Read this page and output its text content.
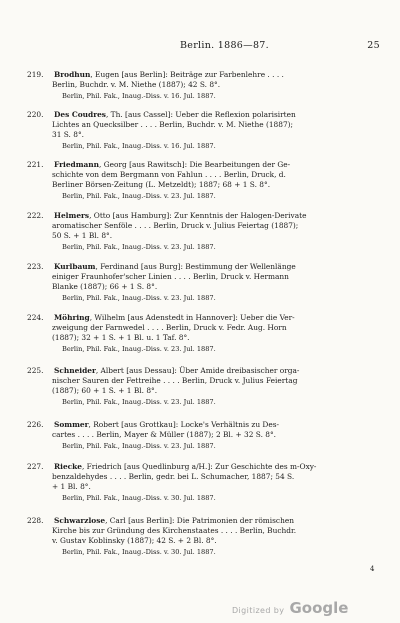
Berlin. 1886—87.	25
219. Brodhun, Eugen [aus Berlin]: Beiträge zur Farbenlehre . . . .
Berlin, Buchdr. v. M. Niethe (1887); 42 S. 8°.
Berlin, Phil. Fak., Inaug.-Diss. v. 16. Jul. 1887.
220. Des Coudres, Th. [aus Cassel]: Ueber die Reflexion polarisirten
Lichtes an Quecksilber . . . . Berlin, Buchdr. v. M. Niethe (1887);
31 S. 8°.
Berlin, Phil. Fak., Inaug.-Diss. v. 16. Jul. 1887.
221. Friedmann, Georg [aus Rawitsch]: Die Bearbeitungen der Ge-
schichte von dem Bergmann von Fahlun . . . . Berlin, Druck, d.
Berliner Börsen-Zeitung (L. Metzeldt); 1887; 68 + 1 S. 8°.
Berlin, Phil. Fak., Inaug.-Diss. v. 23. Jul. 1887.
222. Helmers, Otto [aus Hamburg]: Zur Kenntnis der Halogen-Derivate
aromatischer Senföle . . . . Berlin, Druck v. Julius Feiertag (1887);
50 S. + 1 Bl. 8°.
Berlin, Phil. Fak., Inaug.-Diss. v. 23. Jul. 1887.
223. Kurlbaum, Ferdinand [aus Burg]: Bestimmung der Wellenlänge
einiger Fraunhofer'scher Linien . . . . Berlin, Druck v. Hermann
Blanke (1887); 66 + 1 S. 8°.
Berlin, Phil. Fak., Inaug.-Diss. v. 23. Jul. 1887.
224. Möhring, Wilhelm [aus Adenstedt in Hannover]: Ueber die Ver-
zweigung der Farnwedel . . . . Berlin, Druck v. Fedr. Aug. Horn
(1887); 32 + 1 S. + 1 Bl. u. 1 Taf. 8°.
Berlin, Phil. Fak., Inaug.-Diss. v. 23. Jul. 1887.
225. Schneider, Albert [aus Dessau]: Über Amide dreibasischer orga-
nischer Sauren der Fettreihe . . . . Berlin, Druck v. Julius Feiertag
(1887); 60 + 1 S. + 1 Bl. 8°.
Berlin, Phil. Fak., Inaug.-Diss. v. 23. Jul. 1887.
226. Sommer, Robert [aus Grottkau]: Locke's Verhältnis zu Des-
cartes . . . . Berlin, Mayer & Müller (1887); 2 Bl. + 32 S. 8°.
Berlin, Phil. Fak., Inaug.-Diss. v. 23. Jul. 1887.
227. Riecke, Friedrich [aus Quedlinburg a/H.]: Zur Geschichte des m-Oxy-
benzaldehydes . . . . Berlin, gedr. bei L. Schumacher, 1887; 54 S.
+ 1 Bl. 8°.
Berlin, Phil. Fak., Inaug.-Diss. v. 30. Jul. 1887.
228. Schwarzlose, Carl [aus Berlin]: Die Patrimonien der römischen
Kirche bis zur Gründung des Kirchenstaates . . . . Berlin, Buchdr.
v. Gustav Koblinsky (1887); 42 S. + 2 Bl. 8°.
Berlin, Phil. Fak., Inaug.-Diss. v. 30. Jul. 1887.
4
Digitized by Google
